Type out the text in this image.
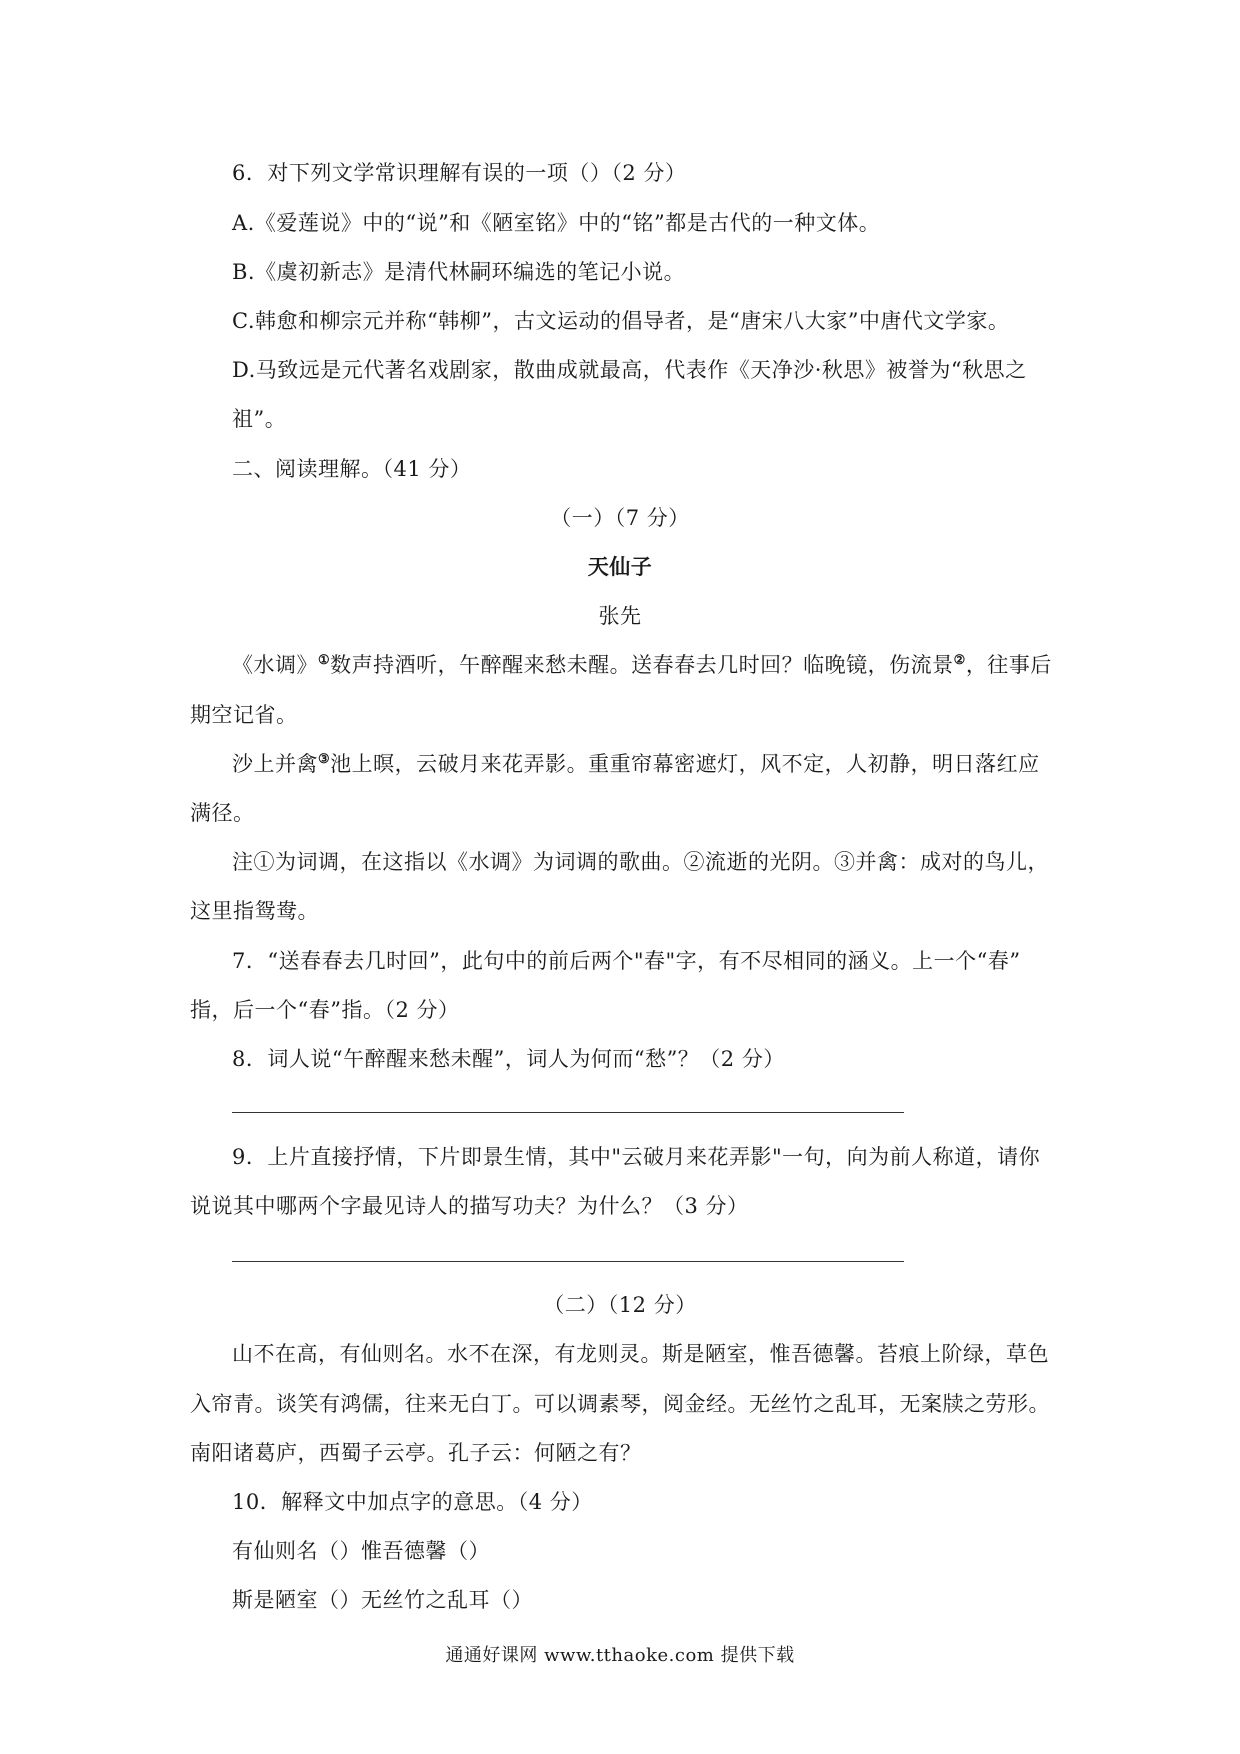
6．对下列文学常识理解有误的一项（）（2 分）
A.《爱莲说》中的“说”和《陋室铭》中的“铭”都是古代的一种文体。
B.《虞初新志》是清代林嗣环编选的笔记小说。
C.韩愈和柳宗元并称“韩柳”，古文运动的倡导者，是“唐宋八大家”中唐代文学家。
D.马致远是元代著名戏剧家，散曲成就最高，代表作《天净沙·秋思》被誉为“秋思之
祖”。
二、阅读理解。（41 分）
（一）（7 分）
天仙子
张先
《水调》①数声持酒听，午醉醒来愁未醒。送春春去几时回？临晚镜，伤流景②，往事后
期空记省。
沙上并禽③池上暝，云破月来花弄影。重重帘幕密遮灯，风不定，人初静，明日落红应
满径。
注①为词调，在这指以《水调》为词调的歌曲。②流逝的光阴。③并禽：成对的鸟儿，
这里指鸳鸯。
7．“送春春去几时回”，此句中的前后两个"春"字，有不尽相同的涵义。上一个“春”
指，后一个“春”指。（2 分）
8．词人说“午醉醒来愁未醒”，词人为何而“愁”？（2 分）
9．上片直接抒情，下片即景生情，其中"云破月来花弄影"一句，向为前人称道，请你
说说其中哪两个字最见诗人的描写功夫？为什么？（3 分）
（二）（12 分）
山不在高，有仙则名。水不在深，有龙则灵。斯是陋室，惟吾德馨。苔痕上阶绿，草色
入帘青。谈笑有鸿儒，往来无白丁。可以调素琴，阅金经。无丝竹之乱耳，无案牍之劳形。
南阳诸葛庐，西蜀子云亭。孔子云：何陋之有？
10．解释文中加点字的意思。（4 分）
有仙则名（）惟吾德馨（）
斯是陋室（）无丝竹之乱耳（）
通通好课网 www.tthaoke.com 提供下载
